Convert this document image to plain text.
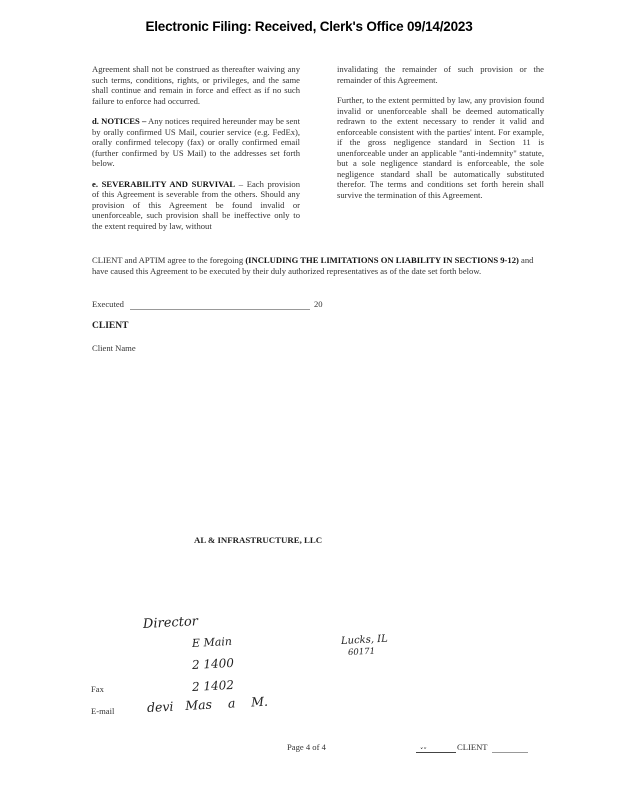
Electronic Filing: Received, Clerk's Office 09/14/2023

Agreement shall not be construed as thereafter waiving any such terms, conditions, rights, or privileges, and the same shall continue and remain in force and effect as if no such failure to enforce had occurred.

d. NOTICES – Any notices required hereunder may be sent by orally confirmed US Mail, courier service (e.g. FedEx), orally confirmed telecopy (fax) or orally confirmed email (further confirmed by US Mail) to the addresses set forth below.

e. SEVERABILITY AND SURVIVAL – Each provision of this Agreement is severable from the others. Should any provision of this Agreement be found invalid or unenforceable, such provision shall be ineffective only to the extent required by law, without

invalidating the remainder of such provision or the remainder of this Agreement.

Further, to the extent permitted by law, any provision found invalid or unenforceable shall be deemed automatically redrawn to the extent necessary to render it valid and enforceable consistent with the parties' intent. For example, if the gross negligence standard in Section 11 is unenforceable under an applicable "anti-indemnity" statute, but a sole negligence standard is enforceable, the sole negligence standard shall be automatically substituted therefor. The terms and conditions set forth herein shall survive the termination of this Agreement.

CLIENT and APTIM agree to the foregoing (INCLUDING THE LIMITATIONS ON LIABILITY IN SECTIONS 9-12) and have caused this Agreement to be executed by their duly authorized representatives as of the date set forth below.
Executed	20
CLIENT
Client Name
AL & INFRASTRUCTURE, LLC
Director
E Main	Lucks, IL
60171
2 1400
Fax	2 1402
E-mail	devi   Mas    a    M.
Page 4 of 4	˅˅	CLIENT
